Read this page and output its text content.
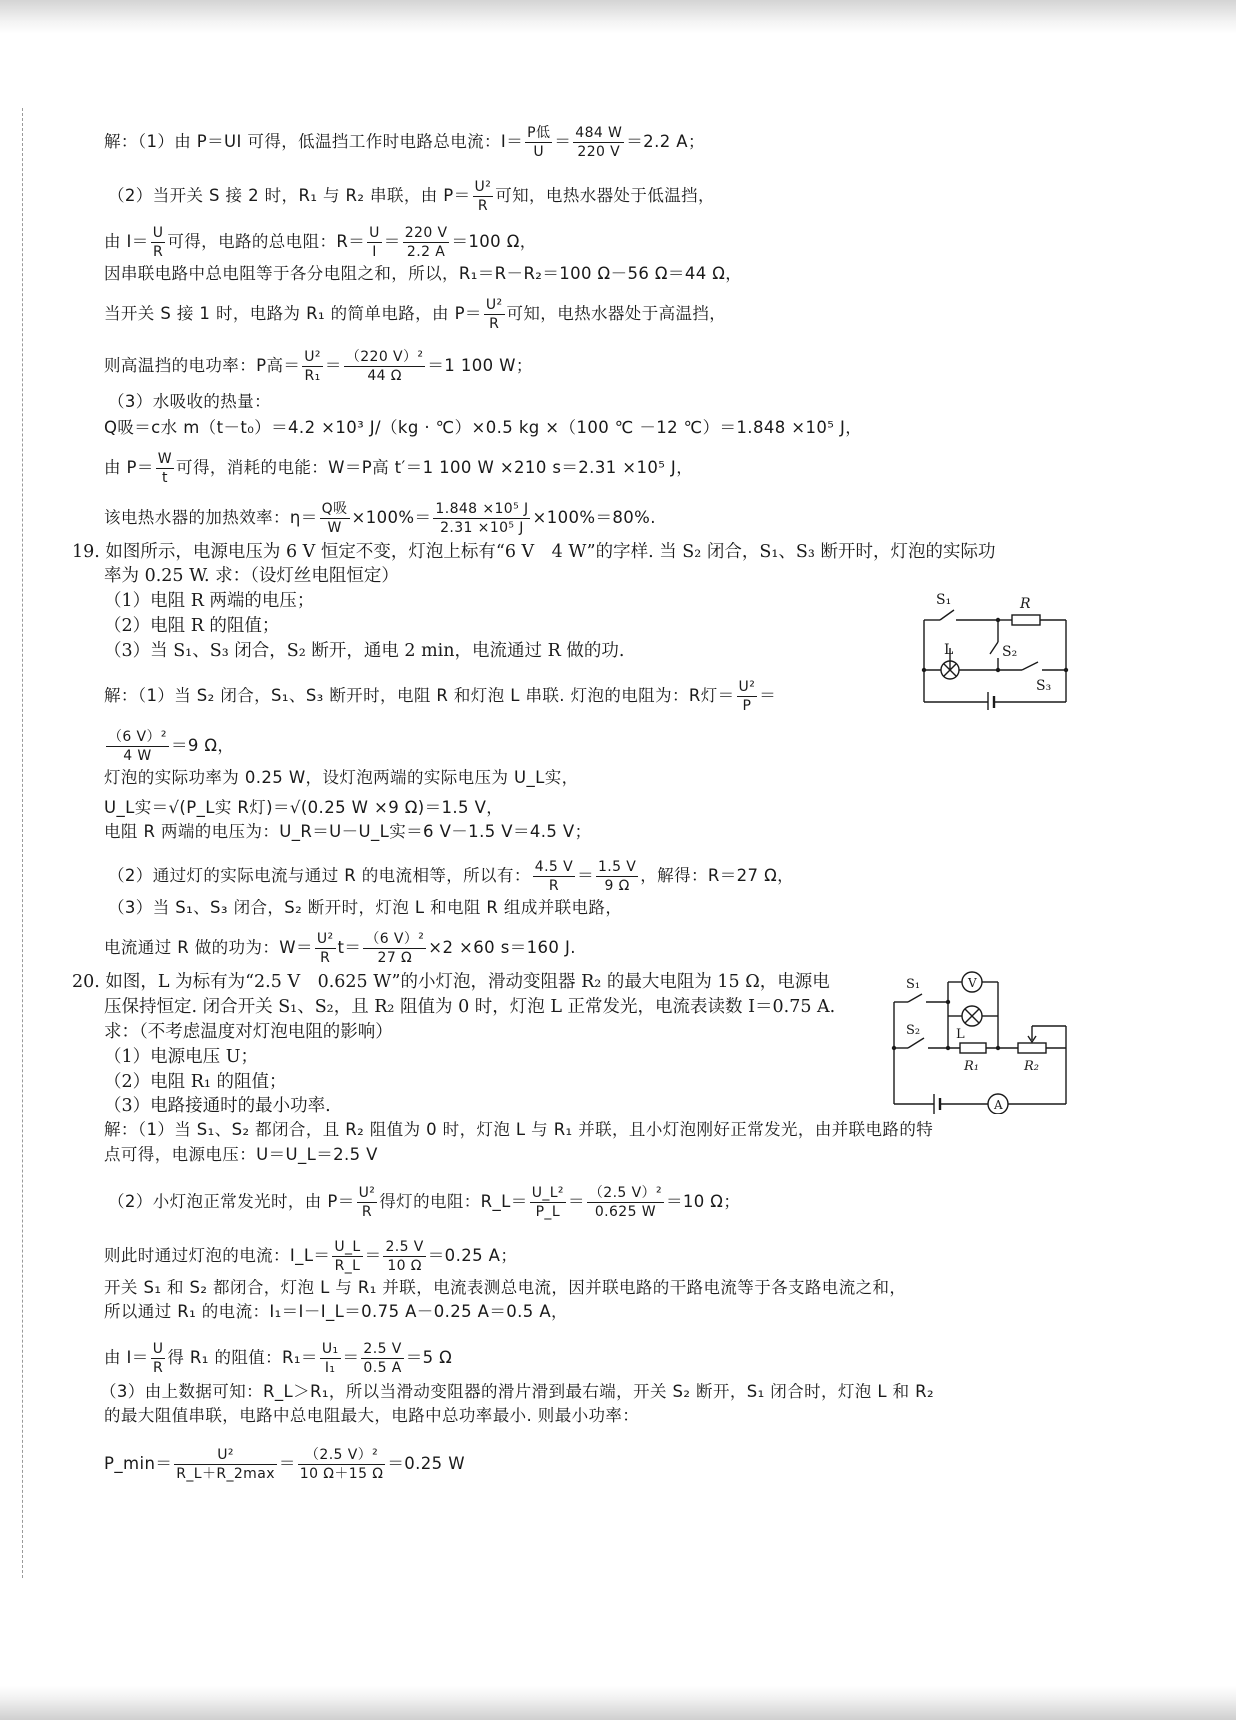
解：（1）由 P＝UI 可得，低温挡工作时电路总电流：$I= \frac{\text{P低}}{U} = \frac{484 W}{220 V} =2.2$ A；
（2）当开关 S 接 2 时，R₁ 与 R₂ 串联，由 $P= \frac{\text{U²}}{R}$ 可知，电热水器处于低温挡，
由 $I= \frac{U}{R}$ 可得，电路的总电阻：$R= \frac{U}{I} = \frac{220 V}{2.2 A} =100$ Ω，
因串联电路中总电阻等于各分电阻之和，所以，R₁＝R－R₂＝100 Ω－56 Ω＝44 Ω，
当开关 S 接 1 时，电路为 R₁ 的简单电路，由 $P= \frac{\text{U²}}{R}$ 可知，电热水器处于高温挡，
则高温挡的电功率：P高＝ $\frac{\text{U²}}{\text{R₁}} = \frac{\text{（220 V）²}}{44 \Omega} =1$ 100 W；
（3）水吸收的热量：
Q吸＝c水 m（t－t₀）＝4.2 ×10³ J/（kg · ℃）×0.5 kg ×（100 ℃ －12 ℃）＝1.848 ×10⁵ J，
由 $P= \frac{W}{t}$ 可得，消耗的电能：W＝P高 t′＝1 100 W ×210 s＝2.31 ×10⁵ J，
该电热水器的加热效率：$\eta= \frac{\text{Q吸}}{W} \times 100\%= \frac{\text{1.848 ×10⁵ J}}{\text{2.31 ×10⁵ J}} \times 100\%=80\%$.
19. 如图所示，电源电压为 6 V 恒定不变，灯泡上标有“6 V　4 W”的字样. 当 S₂ 闭合，S₁、S₃ 断开时，灯泡的实际功
率为 0.25 W. 求：（设灯丝电阻恒定）
（1）电阻 R 两端的电压；
（2）电阻 R 的阻值；
（3）当 S₁、S₃ 闭合，S₂ 断开，通电 2 min，电流通过 R 做的功.
S₁	R
L	S₂
S₃
解：（1）当 S₂ 闭合，S₁、S₃ 断开时，电阻 R 和灯泡 L 串联. 灯泡的电阻为：R灯＝ $\frac{\text{U²}}{P}$ ＝
$\frac{\text{（6 V）²}}{4 W} =9$ Ω，
灯泡的实际功率为 0.25 W，设灯泡两端的实际电压为 U_L实，
U_L实＝√(P_L实 R灯)＝√(0.25 W ×9 Ω)＝1.5 V，
电阻 R 两端的电压为：U_R＝U－U_L实＝6 V－1.5 V＝4.5 V；
（2）通过灯的实际电流与通过 R 的电流相等，所以有： $\frac{4.5 V}{R} = \frac{1.5 V}{9 \Omega}$ ，解得：R＝27 Ω，
（3）当 S₁、S₃ 闭合，S₂ 断开时，灯泡 L 和电阻 R 组成并联电路，
电流通过 R 做的功为：$W= \frac{\text{U²}}{R} t= \frac{\text{（6 V）²}}{27 \Omega} \times 2 \times 60$ s＝160 J.
20. 如图，L 为标有为“2.5 V　0.625 W”的小灯泡，滑动变阻器 R₂ 的最大电阻为 15 Ω，电源电
压保持恒定. 闭合开关 S₁、S₂，且 R₂ 阻值为 0 时，灯泡 L 正常发光，电流表读数 I＝0.75 A.
求：（不考虑温度对灯泡电阻的影响）
（1）电源电压 U；
（2）电阻 R₁ 的阻值；
（3）电路接通时的最小功率.
S₁	V
S₂	L
R₁	R₂
A
解：（1）当 S₁、S₂ 都闭合，且 R₂ 阻值为 0 时，灯泡 L 与 R₁ 并联，且小灯泡刚好正常发光，由并联电路的特
点可得，电源电压：U＝U_L＝2.5 V
（2）小灯泡正常发光时，由 $P= \frac{\text{U²}}{R}$ 得灯的电阻：R_L＝ $\frac{\text{U\_L²}}{P\_L} = \frac{\text{（2.5 V）²}}{0.625 W} =10$ Ω；
则此时通过灯泡的电流：I_L＝ $\frac{U\_L}{R\_L} = \frac{2.5 V}{10 \Omega} =0.25$ A；
开关 S₁ 和 S₂ 都闭合，灯泡 L 与 R₁ 并联，电流表测总电流，因并联电路的干路电流等于各支路电流之和，
所以通过 R₁ 的电流：I₁＝I－I_L＝0.75 A－0.25 A＝0.5 A，
由 $I= \frac{U}{R}$ 得 R₁ 的阻值：$R_1= \frac{\text{U₁}}{\text{I₁}} = \frac{2.5 V}{0.5 A} =5$ Ω
（3）由上数据可知：R_L＞R₁，所以当滑动变阻器的滑片滑到最右端，开关 S₂ 断开，S₁ 闭合时，灯泡 L 和 R₂
的最大阻值串联，电路中总电阻最大，电路中总功率最小. 则最小功率：
P_min＝ $\frac{\text{U²}}{R\_L+R\_2\max} = \frac{\text{（2.5 V）²}}{10 \Omega+15 \Omega} =0.25$ W
